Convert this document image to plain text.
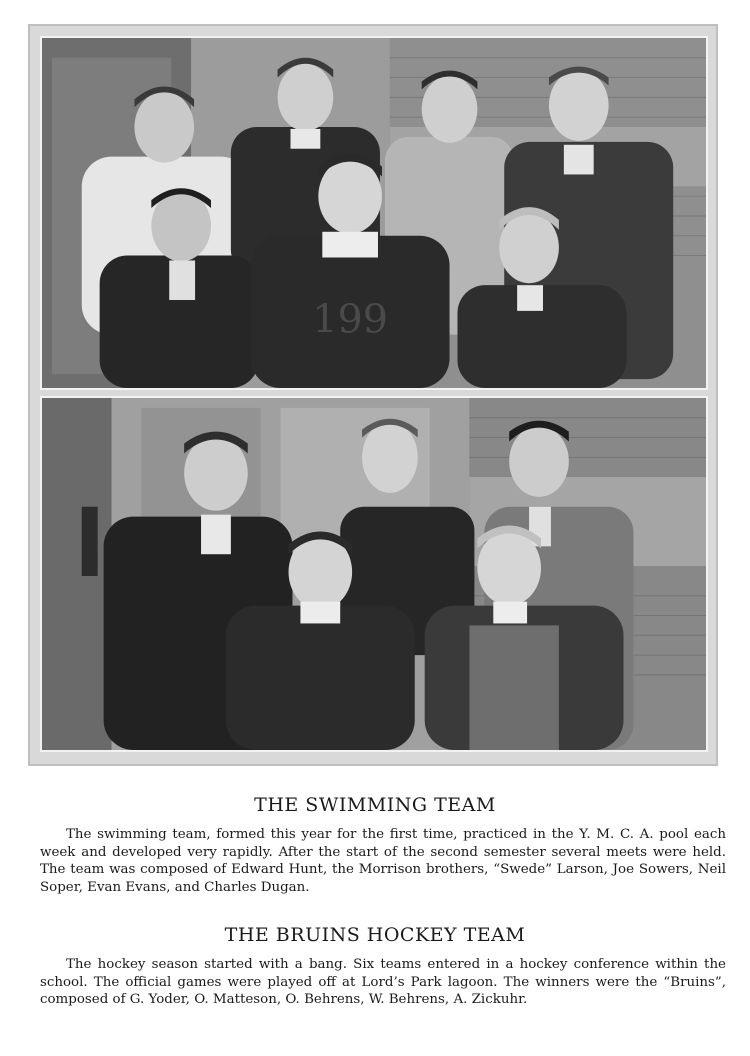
199
THE SWIMMING TEAM

The swimming team, formed this year for the first time, practiced in the Y. M. C. A. pool each week and developed very rapidly. After the start of the second semester several meets were held. The team was composed of Edward Hunt, the Morrison brothers, “Swede” Larson, Joe Sowers, Neil Soper, Evan Evans, and Charles Dugan.

THE BRUINS HOCKEY TEAM

The hockey season started with a bang. Six teams entered in a hockey conference within the school. The official games were played off at Lord’s Park lagoon. The winners were the “Bruins”, composed of G. Yoder, O. Matteson, O. Behrens, W. Behrens, A. Zickuhr.
